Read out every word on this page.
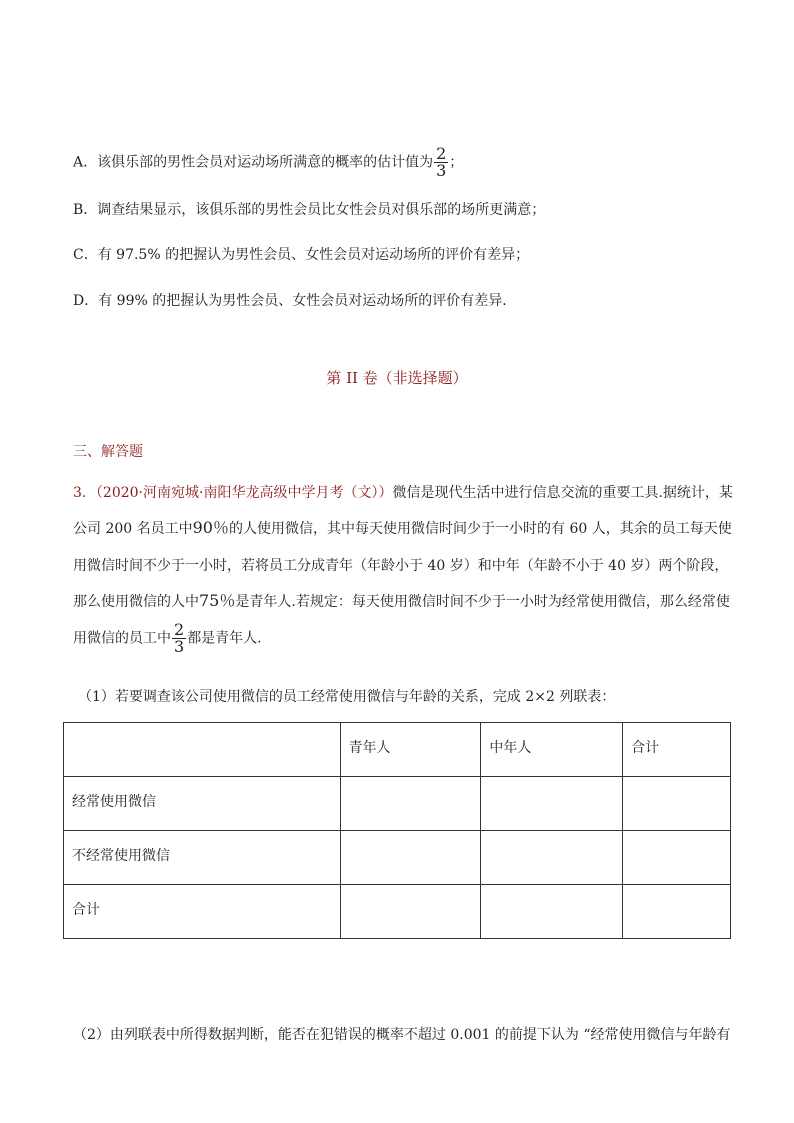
A．该俱乐部的男性会员对运动场所满意的概率的估计值为 $\frac{2}{3}$ ；
B．调查结果显示，该俱乐部的男性会员比女性会员对俱乐部的场所更满意；
C．有 97.5% 的把握认为男性会员、女性会员对运动场所的评价有差异；
D．有 99% 的把握认为男性会员、女性会员对运动场所的评价有差异.
第 II 卷（非选择题）
三、解答题
3．（2020·河南宛城·南阳华龙高级中学月考（文））微信是现代生活中进行信息交流的重要工具.据统计，某
公司 200 名员工中90％的人使用微信，其中每天使用微信时间少于一小时的有 60 人，其余的员工每天使
用微信时间不少于一小时，若将员工分成青年（年龄小于 40 岁）和中年（年龄不小于 40 岁）两个阶段，
那么使用微信的人中75％是青年人.若规定：每天使用微信时间不少于一小时为经常使用微信，那么经常使
用微信的员工中 $\frac{2}{3}$ 都是青年人.
（1）若要调查该公司使用微信的员工经常使用微信与年龄的关系，完成 2×2 列联表：
	青年人	中年人	合计
经常使用微信			
不经常使用微信			
合计			
（2）由列联表中所得数据判断，能否在犯错误的概率不超过 0.001 的前提下认为 “经常使用微信与年龄有
